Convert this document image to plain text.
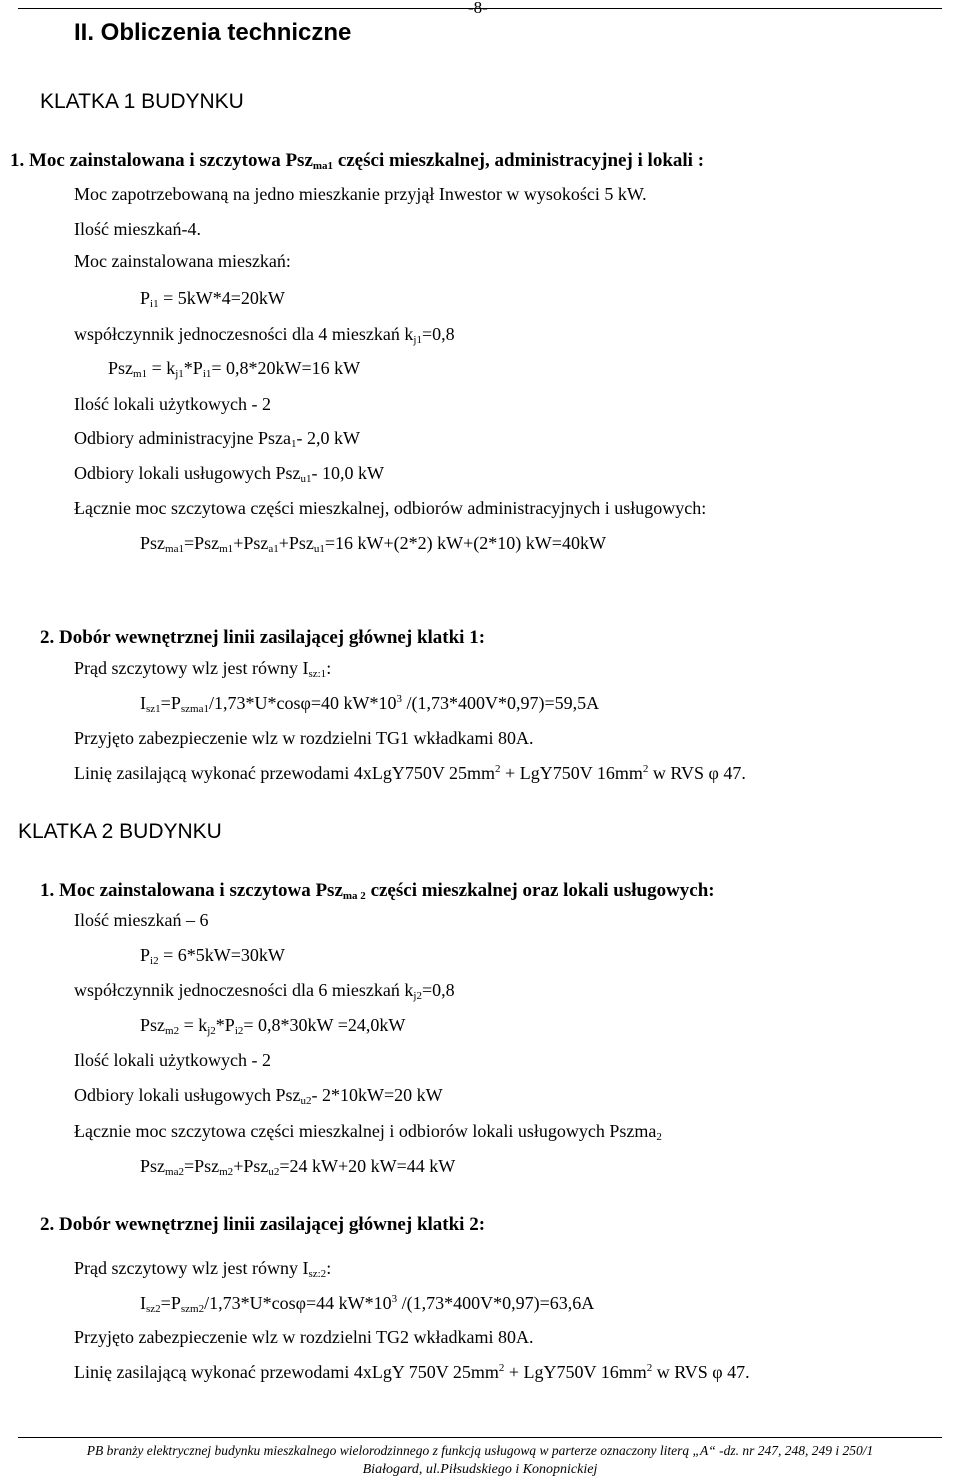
-8-
II. Obliczenia techniczne
KLATKA 1 BUDYNKU
1. Moc zainstalowana i szczytowa Psz$_{ma1}$ części mieszkalnej, administracyjnej i lokali :
Moc zapotrzebowaną na jedno mieszkanie przyjął Inwestor w wysokości 5 kW.
Ilość mieszkań-4.
Moc zainstalowana mieszkań:
$P_{i1} = 5kW*4=20kW$
współczynnik jednoczesności dla 4 mieszkań $k_{j1}=0,8$
$Psz_{m1} = k_{j1}*P_{i1}= 0,8*20kW=16$ kW
Ilość lokali użytkowych - 2
Odbiory administracyjne Psza$_1$- 2,0 kW
Odbiory lokali usługowych Psz$_{u1}$- 10,0 kW
Łącznie moc szczytowa części mieszkalnej, odbiorów administracyjnych i usługowych:
Psz$_{ma1}$=Psz$_{m1}$+Psz$_{a1}$+Psz$_{u1}$=16 kW+(2*2) kW+(2*10) kW=40kW
2. Dobór wewnętrznej linii zasilającej głównej klatki 1:
Prąd szczytowy wlz jest równy $I_{sz:1}$:
$I_{sz1}=P_{szma1}/1,73*U*\cos\varphi=40$ $kW*10^3$ /(1,73*400V*0,97)=59,5A
Przyjęto zabezpieczenie wlz w rozdzielni TG1 wkładkami 80A.
Linię zasilającą wykonać przewodami 4xLgY750V $25mm^2 + LgY750V$ $16mm^2$ w RVS φ 47.
KLATKA 2 BUDYNKU
1. Moc zainstalowana i szczytowa Psz$_{ma 2}$ części mieszkalnej oraz lokali usługowych:
Ilość mieszkań – 6
$P_{i2} = 6*5kW=30kW$
współczynnik jednoczesności dla 6 mieszkań $k_{j2}=0,8$
$Psz_{m2} = k_{j2}*P_{i2}= 0,8*30kW =24,0kW$
Ilość lokali użytkowych - 2
Odbiory lokali usługowych Psz$_{u2}$- 2*10kW=20 kW
Łącznie moc szczytowa części mieszkalnej i odbiorów lokali usługowych Pszma$_2$
Psz$_{ma2}$=Psz$_{m2}$+Psz$_{u2}$=24 kW+20 kW=44 kW
2. Dobór wewnętrznej linii zasilającej głównej klatki 2:
Prąd szczytowy wlz jest równy $I_{sz:2}$:
$I_{sz2}=P_{szm2}/1,73*U*\cos\varphi=44$ $kW*10^3$ /(1,73*400V*0,97)=63,6A
Przyjęto zabezpieczenie wlz w rozdzielni TG2 wkładkami 80A.
Linię zasilającą wykonać przewodami 4xLgY 750V $25mm^2 + LgY750V$ $16mm^2$ w RVS φ 47.
PB branży elektrycznej budynku mieszkalnego wielorodzinnego z funkcją usługową w parterze oznaczony literą „A“ -dz. nr 247, 248, 249 i 250/1
Białogard, ul.Piłsudskiego i Konopnickiej
